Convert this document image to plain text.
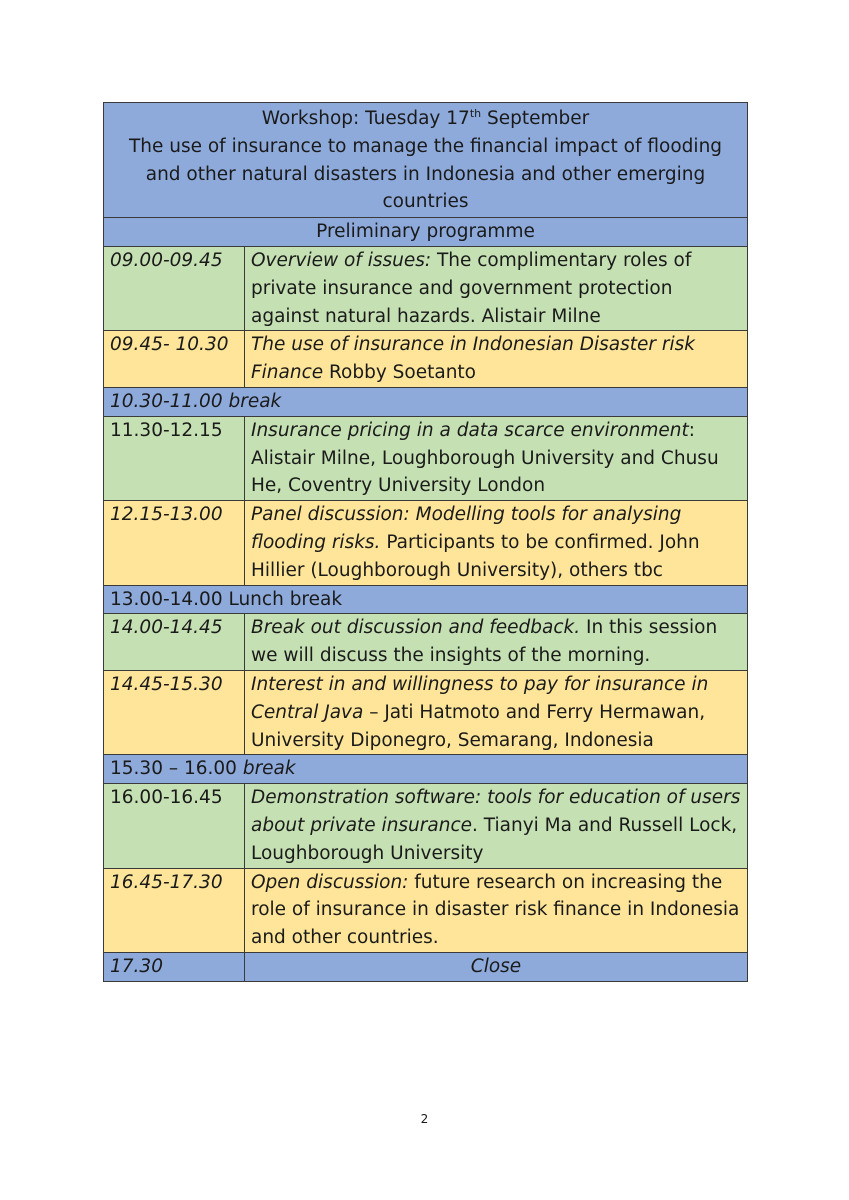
Workshop: Tuesday 17th September
The use of insurance to manage the financial impact of flooding
and other natural disasters in Indonesia and other emerging
countries	

Preliminary programme	
09.00-09.45	Overview of issues: The complimentary roles of private insurance and government protection against natural hazards. Alistair Milne
09.45- 10.30	The use of insurance in Indonesian Disaster risk Finance Robby Soetanto
10.30-11.00 break	
11.30-12.15	Insurance pricing in a data scarce environment: Alistair Milne, Loughborough University and Chusu He, Coventry University London
12.15-13.00	Panel discussion: Modelling tools for analysing flooding risks. Participants to be confirmed. John Hillier (Loughborough University), others tbc
13.00-14.00 Lunch break	
14.00-14.45	Break out discussion and feedback. In this session we will discuss the insights of the morning.
14.45-15.30	Interest in and willingness to pay for insurance in Central Java – Jati Hatmoto and Ferry Hermawan, University Diponegro, Semarang, Indonesia
15.30 – 16.00 break	
16.00-16.45	Demonstration software: tools for education of users about private insurance. Tianyi Ma and Russell Lock, Loughborough University
16.45-17.30	Open discussion: future research on increasing the role of insurance in disaster risk finance in Indonesia and other countries.
17.30	Close
2
